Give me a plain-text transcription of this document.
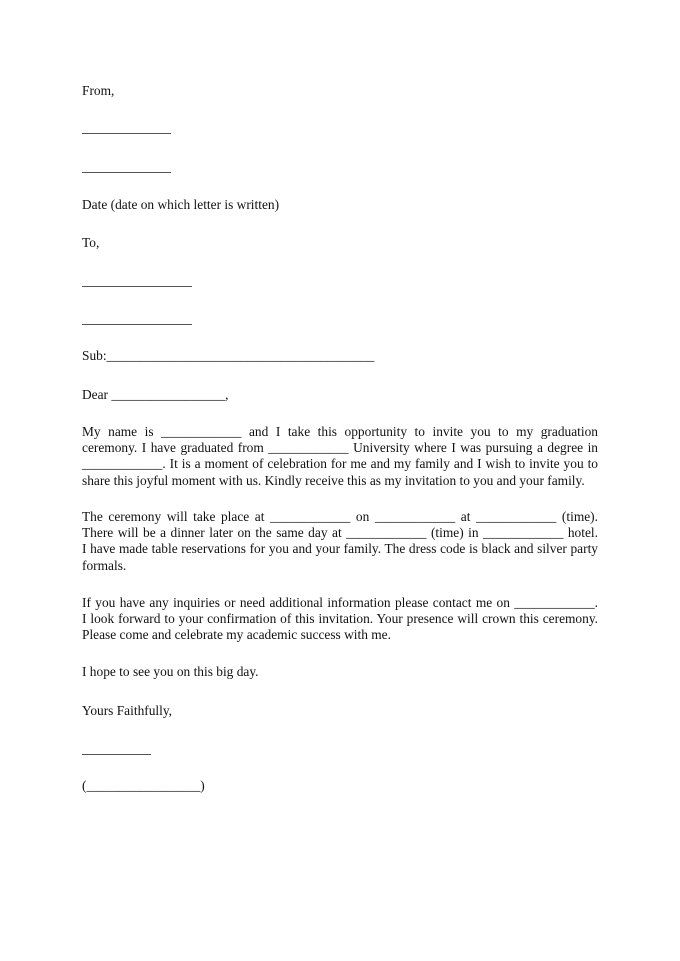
From,
Date (date on which letter is written)
To,
Sub:________________________________________
Dear _________________,
My name is ____________ and I take this opportunity to invite you to my graduation
ceremony. I have graduated from ____________ University where I was pursuing a degree in
____________. It is a moment of celebration for me and my family and I wish to invite you to
share this joyful moment with us. Kindly receive this as my invitation to you and your family.
The ceremony will take place at ____________ on ____________ at ____________ (time).
There will be a dinner later on the same day at ____________ (time) in ____________ hotel.
I have made table reservations for you and your family. The dress code is black and silver party
formals.
If you have any inquiries or need additional information please contact me on ____________.
I look forward to your confirmation of this invitation. Your presence will crown this ceremony.
Please come and celebrate my academic success with me.
I hope to see you on this big day.
Yours Faithfully,
(_________________)
